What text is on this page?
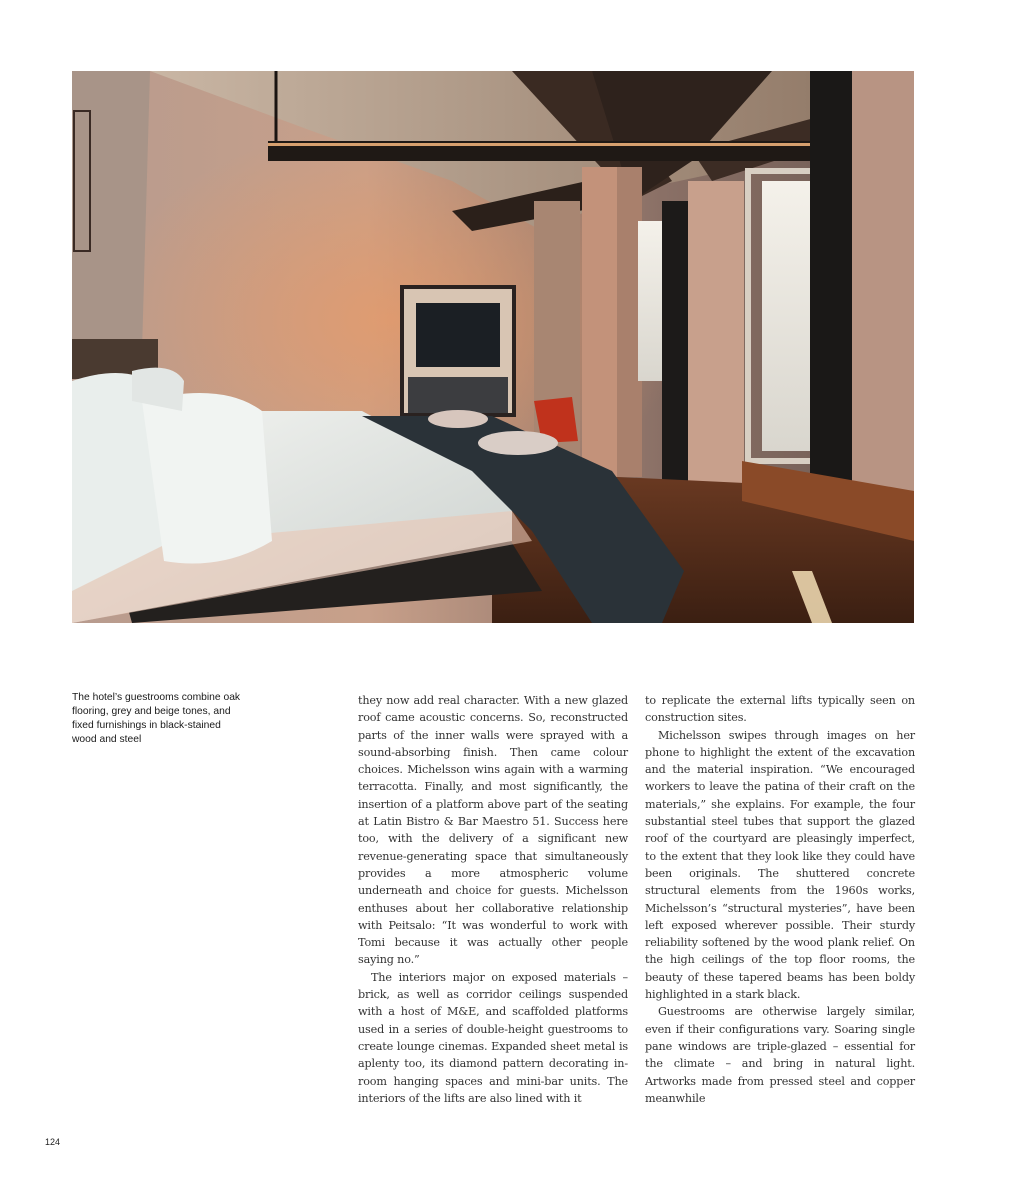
The hotel’s guestrooms combine oak flooring, grey and beige tones, and fixed furnishings in black-stained wood and steel

they now add real character. With a new glazed roof came acoustic concerns. So, reconstructed parts of the inner walls were sprayed with a sound-absorbing finish. Then came colour choices. Michelsson wins again with a warming terracotta. Finally, and most significantly, the insertion of a platform above part of the seating at Latin Bistro & Bar Maestro 51. Success here too, with the delivery of a significant new revenue-generating space that simultaneously provides a more atmospheric volume underneath and choice for guests. Michelsson enthuses about her collaborative relationship with Peitsalo: “It was wonderful to work with Tomi because it was actually other people saying no.”

The interiors major on exposed materials – brick, as well as corridor ceilings suspended with a host of M&E, and scaffolded platforms used in a series of double-height guestrooms to create lounge cinemas. Expanded sheet metal is aplenty too, its diamond pattern decorating in-room hanging spaces and mini-bar units. The interiors of the lifts are also lined with it

to replicate the external lifts typically seen on construction sites.

Michelsson swipes through images on her phone to highlight the extent of the excavation and the material inspiration. “We encouraged workers to leave the patina of their craft on the materials,” she explains. For example, the four substantial steel tubes that support the glazed roof of the courtyard are pleasingly imperfect, to the extent that they look like they could have been originals. The shuttered concrete structural elements from the 1960s works, Michelsson’s “structural mysteries”, have been left exposed wherever possible. Their sturdy reliability softened by the wood plank relief. On the high ceilings of the top floor rooms, the beauty of these tapered beams has been boldy highlighted in a stark black.

Guestrooms are otherwise largely similar, even if their configurations vary. Soaring single pane windows are triple-glazed – essential for the climate – and bring in natural light. Artworks made from pressed steel and copper meanwhile

124
